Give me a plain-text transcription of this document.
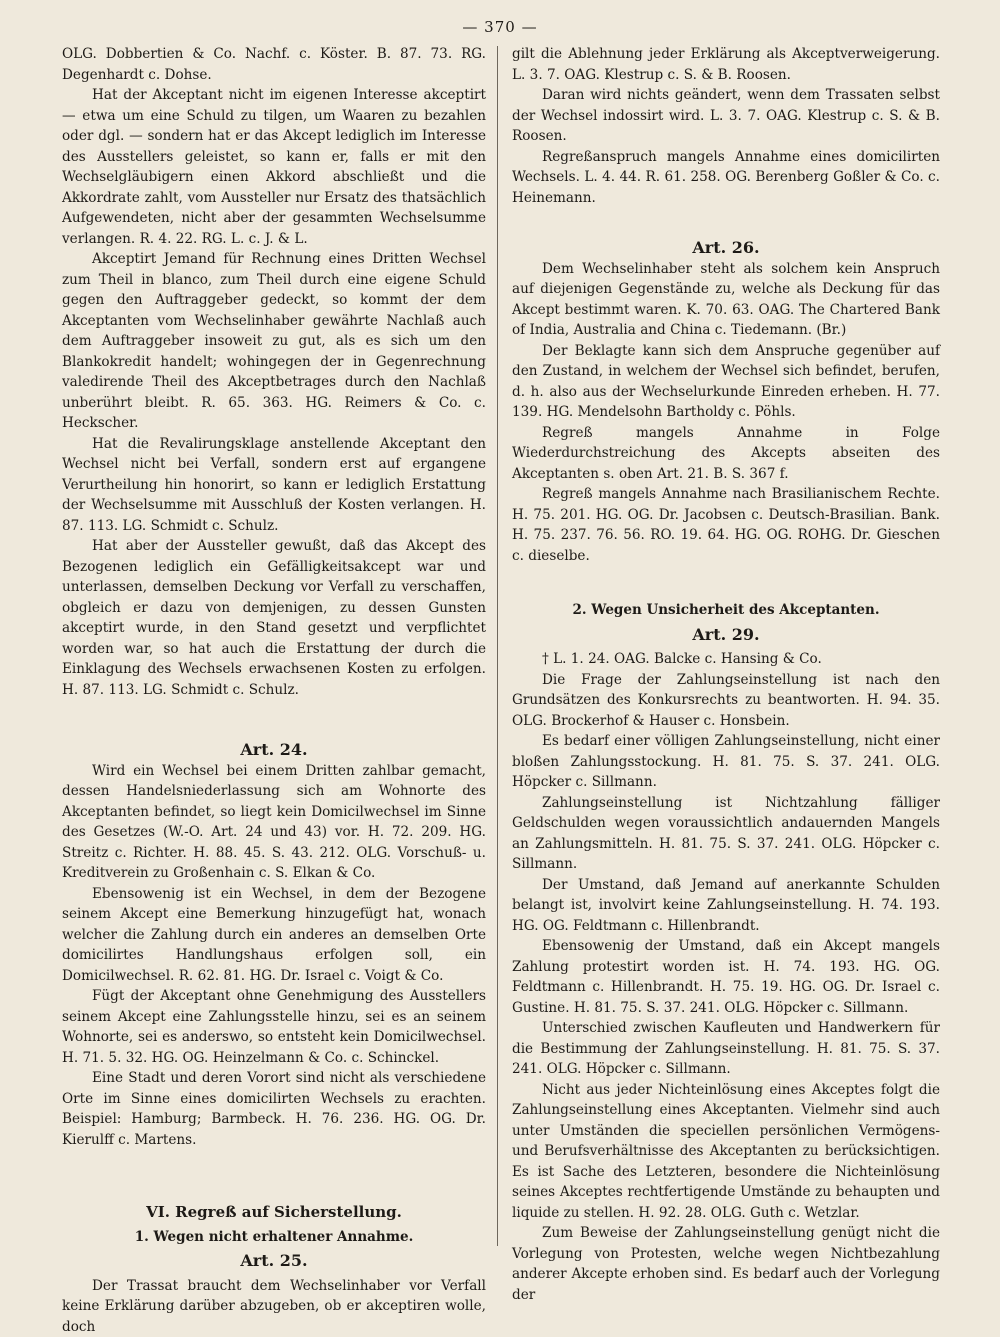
— 370 —

OLG. Dobbertien & Co. Nachf. c. Köster. B. 87. 73. RG. Degenhardt c. Dohse.

Hat der Akceptant nicht im eigenen Interesse akceptirt — etwa um eine Schuld zu tilgen, um Waaren zu bezahlen oder dgl. — sondern hat er das Akcept lediglich im Interesse des Ausstellers geleistet, so kann er, falls er mit den Wechselgläubigern einen Akkord abschließt und die Akkordrate zahlt, vom Aussteller nur Ersatz des thatsächlich Aufgewendeten, nicht aber der gesammten Wechselsumme verlangen. R. 4. 22. RG. L. c. J. & L.

Akceptirt Jemand für Rechnung eines Dritten Wechsel zum Theil in blanco, zum Theil durch eine eigene Schuld gegen den Auftraggeber gedeckt, so kommt der dem Akceptanten vom Wechselinhaber gewährte Nachlaß auch dem Auftraggeber insoweit zu gut, als es sich um den Blankokredit handelt; wohingegen der in Gegenrechnung valedirende Theil des Akceptbetrages durch den Nachlaß unberührt bleibt. R. 65. 363. HG. Reimers & Co. c. Heckscher.

Hat die Revalirungsklage anstellende Akceptant den Wechsel nicht bei Verfall, sondern erst auf ergangene Verurtheilung hin honorirt, so kann er lediglich Erstattung der Wechselsumme mit Ausschluß der Kosten verlangen. H. 87. 113. LG. Schmidt c. Schulz.

Hat aber der Aussteller gewußt, daß das Akcept des Bezogenen lediglich ein Gefälligkeitsakcept war und unterlassen, demselben Deckung vor Verfall zu verschaffen, obgleich er dazu von demjenigen, zu dessen Gunsten akceptirt wurde, in den Stand gesetzt und verpflichtet worden war, so hat auch die Erstattung der durch die Einklagung des Wechsels erwachsenen Kosten zu erfolgen. H. 87. 113. LG. Schmidt c. Schulz.

Art. 24.

Wird ein Wechsel bei einem Dritten zahlbar gemacht, dessen Handelsniederlassung sich am Wohnorte des Akceptanten befindet, so liegt kein Domicilwechsel im Sinne des Gesetzes (W.-O. Art. 24 und 43) vor. H. 72. 209. HG. Streitz c. Richter. H. 88. 45. S. 43. 212. OLG. Vorschuß- u. Kreditverein zu Großenhain c. S. Elkan & Co.

Ebensowenig ist ein Wechsel, in dem der Bezogene seinem Akcept eine Bemerkung hinzugefügt hat, wonach welcher die Zahlung durch ein anderes an demselben Orte domicilirtes Handlungshaus erfolgen soll, ein Domicilwechsel. R. 62. 81. HG. Dr. Israel c. Voigt & Co.

Fügt der Akceptant ohne Genehmigung des Ausstellers seinem Akcept eine Zahlungsstelle hinzu, sei es an seinem Wohnorte, sei es anderswo, so entsteht kein Domicilwechsel. H. 71. 5. 32. HG. OG. Heinzelmann & Co. c. Schinckel.

Eine Stadt und deren Vorort sind nicht als verschiedene Orte im Sinne eines domicilirten Wechsels zu erachten. Beispiel: Hamburg; Barmbeck. H. 76. 236. HG. OG. Dr. Kierulff c. Martens.

VI. Regreß auf Sicherstellung.

1. Wegen nicht erhaltener Annahme.

Art. 25.

Der Trassat braucht dem Wechselinhaber vor Verfall keine Erklärung darüber abzugeben, ob er akceptiren wolle, doch

gilt die Ablehnung jeder Erklärung als Akceptverweigerung. L. 3. 7. OAG. Klestrup c. S. & B. Roosen.

Daran wird nichts geändert, wenn dem Trassaten selbst der Wechsel indossirt wird. L. 3. 7. OAG. Klestrup c. S. & B. Roosen.

Regreßanspruch mangels Annahme eines domicilirten Wechsels. L. 4. 44. R. 61. 258. OG. Berenberg Goßler & Co. c. Heinemann.

Art. 26.

Dem Wechselinhaber steht als solchem kein Anspruch auf diejenigen Gegenstände zu, welche als Deckung für das Akcept bestimmt waren. K. 70. 63. OAG. The Chartered Bank of India, Australia and China c. Tiedemann. (Br.)

Der Beklagte kann sich dem Anspruche gegenüber auf den Zustand, in welchem der Wechsel sich befindet, berufen, d. h. also aus der Wechselurkunde Einreden erheben. H. 77. 139. HG. Mendelsohn Bartholdy c. Pöhls.

Regreß mangels Annahme in Folge Wiederdurchstreichung des Akcepts abseiten des Akceptanten s. oben Art. 21. B. S. 367 f.

Regreß mangels Annahme nach Brasilianischem Rechte. H. 75. 201. HG. OG. Dr. Jacobsen c. Deutsch-Brasilian. Bank. H. 75. 237. 76. 56. RO. 19. 64. HG. OG. ROHG. Dr. Gieschen c. dieselbe.

2. Wegen Unsicherheit des Akceptanten.

Art. 29.

† L. 1. 24. OAG. Balcke c. Hansing & Co.

Die Frage der Zahlungseinstellung ist nach den Grundsätzen des Konkursrechts zu beantworten. H. 94. 35. OLG. Brockerhof & Hauser c. Honsbein.

Es bedarf einer völligen Zahlungseinstellung, nicht einer bloßen Zahlungsstockung. H. 81. 75. S. 37. 241. OLG. Höpcker c. Sillmann.

Zahlungseinstellung ist Nichtzahlung fälliger Geldschulden wegen voraussichtlich andauernden Mangels an Zahlungsmitteln. H. 81. 75. S. 37. 241. OLG. Höpcker c. Sillmann.

Der Umstand, daß Jemand auf anerkannte Schulden belangt ist, involvirt keine Zahlungseinstellung. H. 74. 193. HG. OG. Feldtmann c. Hillenbrandt.

Ebensowenig der Umstand, daß ein Akcept mangels Zahlung protestirt worden ist. H. 74. 193. HG. OG. Feldtmann c. Hillenbrandt. H. 75. 19. HG. OG. Dr. Israel c. Gustine. H. 81. 75. S. 37. 241. OLG. Höpcker c. Sillmann.

Unterschied zwischen Kaufleuten und Handwerkern für die Bestimmung der Zahlungseinstellung. H. 81. 75. S. 37. 241. OLG. Höpcker c. Sillmann.

Nicht aus jeder Nichteinlösung eines Akceptes folgt die Zahlungseinstellung eines Akceptanten. Vielmehr sind auch unter Umständen die speciellen persönlichen Vermögens- und Berufsverhältnisse des Akceptanten zu berücksichtigen. Es ist Sache des Letzteren, besondere die Nichteinlösung seines Akceptes rechtfertigende Umstände zu behaupten und liquide zu stellen. H. 92. 28. OLG. Guth c. Wetzlar.

Zum Beweise der Zahlungseinstellung genügt nicht die Vorlegung von Protesten, welche wegen Nichtbezahlung anderer Akcepte erhoben sind. Es bedarf auch der Vorlegung der
